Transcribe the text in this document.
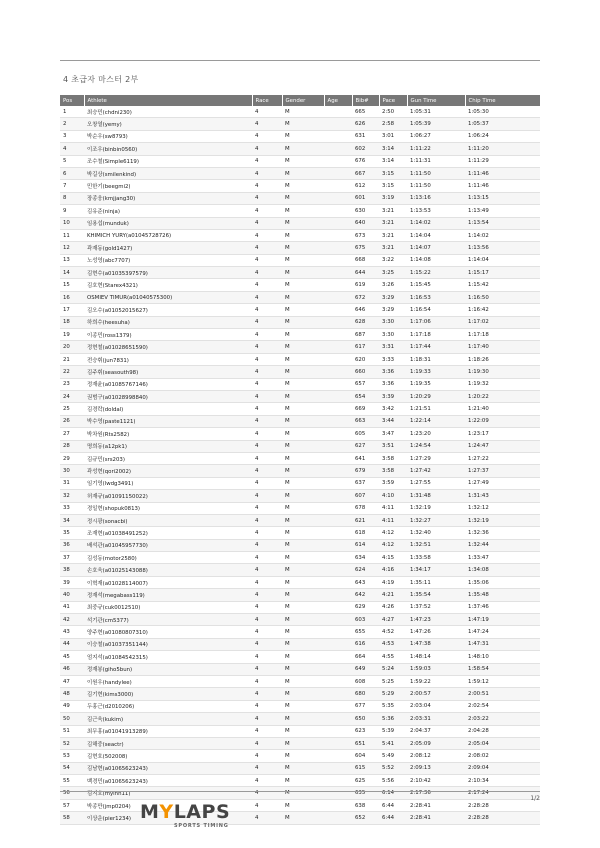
4 초급자 마스터 2부
Pos	Athlete	Race	Gender	Age	Bib#	Pace	Gun Time	Chip Time
1	최승민(chdni230)	4	M		665	2:50	1:05:31	1:05:30
2	오창열(yemy)	4	M		626	2:58	1:05:39	1:05:37
3	박순우(sw8793)	4	M		631	3:01	1:06:27	1:06:24
4	이조우(binbin0560)	4	M		602	3:14	1:11:22	1:11:20
5	조수철(Simple6119)	4	M		676	3:14	1:11:31	1:11:29
6	박길상(smilenkind)	4	M		667	3:15	1:11:50	1:11:46
7	민한기(beegmi2)	4	M		612	3:15	1:11:50	1:11:46
8	장종웅(kmjjang30)	4	M		601	3:19	1:13:16	1:13:15
9	김유준(ninja)	4	M		630	3:21	1:13:53	1:13:49
10	임용섭(munduk)	4	M		640	3:21	1:14:02	1:13:54
11	KHIMICH YURY(a01045728726)	4	M		673	3:21	1:14:04	1:14:02
12	곽재동(gold1427)	4	M		675	3:21	1:14:07	1:13:56
13	노성영(abc7707)	4	M		668	3:22	1:14:08	1:14:04
14	김현수(a01035397579)	4	M		644	3:25	1:15:22	1:15:17
15	김호현(Starex4321)	4	M		619	3:26	1:15:45	1:15:42
16	OSMIEV TIMUR(a01040575300)	4	M		672	3:29	1:16:53	1:16:50
17	김오수(a01052015627)	4	M		646	3:29	1:16:54	1:16:42
18	하희수(heesuha)	4	M		628	3:30	1:17:06	1:17:02
19	이종민(ross1379)	4	M		687	3:30	1:17:18	1:17:18
20	정현철(a01028651590)	4	M		617	3:31	1:17:44	1:17:40
21	전승휘(jun7831)	4	M		620	3:33	1:18:31	1:18:26
22	김주휘(seasouth98)	4	M		660	3:36	1:19:33	1:19:30
23	정재윤(a01085767146)	4	M		657	3:36	1:19:35	1:19:32
24	권범구(a01028998840)	4	M		654	3:39	1:20:29	1:20:22
25	김경락(doldal)	4	M		669	3:42	1:21:51	1:21:40
26	박수영(paste1121)	4	M		663	3:44	1:22:14	1:22:09
27	박차원(Rts2582)	4	M		605	3:47	1:23:20	1:23:17
28	명희동(a12pk1)	4	M		627	3:51	1:24:54	1:24:47
29	김규민(srs203)	4	M		641	3:58	1:27:29	1:27:22
30	곽성현(qori2002)	4	M		679	3:58	1:27:42	1:27:37
31	임기영(lwdg3491)	4	M		637	3:59	1:27:55	1:27:49
32	허재규(a01091150022)	4	M		607	4:10	1:31:48	1:31:43
33	경일현(shopuk0813)	4	M		678	4:11	1:32:19	1:32:12
34	정시광(sonacbi)	4	M		621	4:11	1:32:27	1:32:19
35	조재현(a01038491252)	4	M		618	4:12	1:32:40	1:32:36
36	배석관(a01045957730)	4	M		614	4:12	1:32:51	1:32:44
37	김성동(motor2580)	4	M		634	4:15	1:33:58	1:33:47
38	손호욱(a01025143088)	4	M		624	4:16	1:34:17	1:34:08
39	이혁재(a01028114007)	4	M		643	4:19	1:35:11	1:35:06
40	정재석(megabass119)	4	M		642	4:21	1:35:54	1:35:48
41	최중규(cuk0012510)	4	M		629	4:26	1:37:52	1:37:46
42	석기관(cm5377)	4	M		603	4:27	1:47:23	1:47:19
43	양주현(a01080807310)	4	M		655	4:52	1:47:26	1:47:24
44	이승철(a01037351144)	4	M		616	4:53	1:47:38	1:47:31
45	엄지석(a01084542315)	4	M		664	4:55	1:48:14	1:48:10
46	정재봉(giho5bun)	4	M		649	5:24	1:59:03	1:58:54
47	이원우(handylee)	4	M		608	5:25	1:59:22	1:59:12
48	김기현(kims3000)	4	M		680	5:29	2:00:57	2:00:51
49	두홍근(d2010206)	4	M		677	5:35	2:03:04	2:02:54
50	김근욱(kukim)	4	M		650	5:36	2:03:31	2:03:22
51	최무홍(a01041913289)	4	M		623	5:39	2:04:37	2:04:28
52	김해중(seactr)	4	M		651	5:41	2:05:09	2:05:04
53	김현호(502008)	4	M		604	5:49	2:08:12	2:08:02
54	김남현(a01065623243)	4	M		615	5:52	2:09:13	2:09:04
55	백경민(a01065623243)	4	M		625	5:56	2:10:42	2:10:34
56	김지호(myinn11)	4	M		635	6:14	2:17:36	2:17:24
57	박종만(jmp0204)	4	M		638	6:44	2:28:41	2:28:28
58	이상운(pier1234)	4	M		652	6:44	2:28:41	2:28:28
1/2
MYLAPS
SPORTS TIMING
